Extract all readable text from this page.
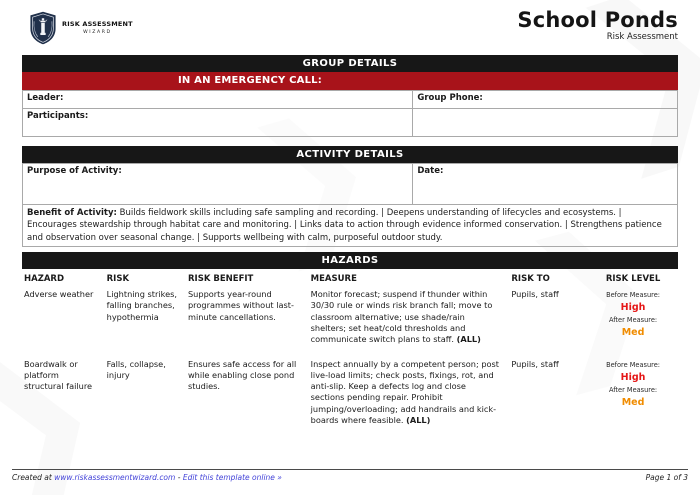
RISK ASSESSMENT
WIZARD
School Ponds
Risk Assessment
GROUP DETAILS
IN AN EMERGENCY CALL:
Leader:	Group Phone:
Participants:	
ACTIVITY DETAILS
Purpose of Activity:	Date:
Benefit of Activity: Builds fieldwork skills including safe sampling and recording. | Deepens understanding of lifecycles and ecosystems. | Encourages stewardship through habitat care and monitoring. | Links data to action through evidence informed conservation. | Strengthens patience and observation over seasonal change. | Supports wellbeing with calm, purposeful outdoor study.
HAZARDS
HAZARD	RISK	RISK BENEFIT	MEASURE	RISK TO	RISK LEVEL
Adverse weather	Lightning strikes, falling branches, hypothermia	Supports year-round programmes without last-minute cancellations.	Monitor forecast; suspend if thunder within 30/30 rule or winds risk branch fall; move to classroom alternative; use shade/rain shelters; set heat/cold thresholds and communicate switch plans to staff. (ALL)	Pupils, staff	Before Measure:
High
After Measure:
Med

Boardwalk or platform structural failure	Falls, collapse, injury	Ensures safe access for all while enabling close pond studies.	Inspect annually by a competent person; post live-load limits; check posts, fixings, rot, and anti-slip. Keep a defects log and close sections pending repair. Prohibit jumping/overloading; add handrails and kick-boards where feasible. (ALL)	Pupils, staff	Before Measure:
High
After Measure:
Med
Created at www.riskassessmentwizard.com - Edit this template online »	Page 1 of 3
